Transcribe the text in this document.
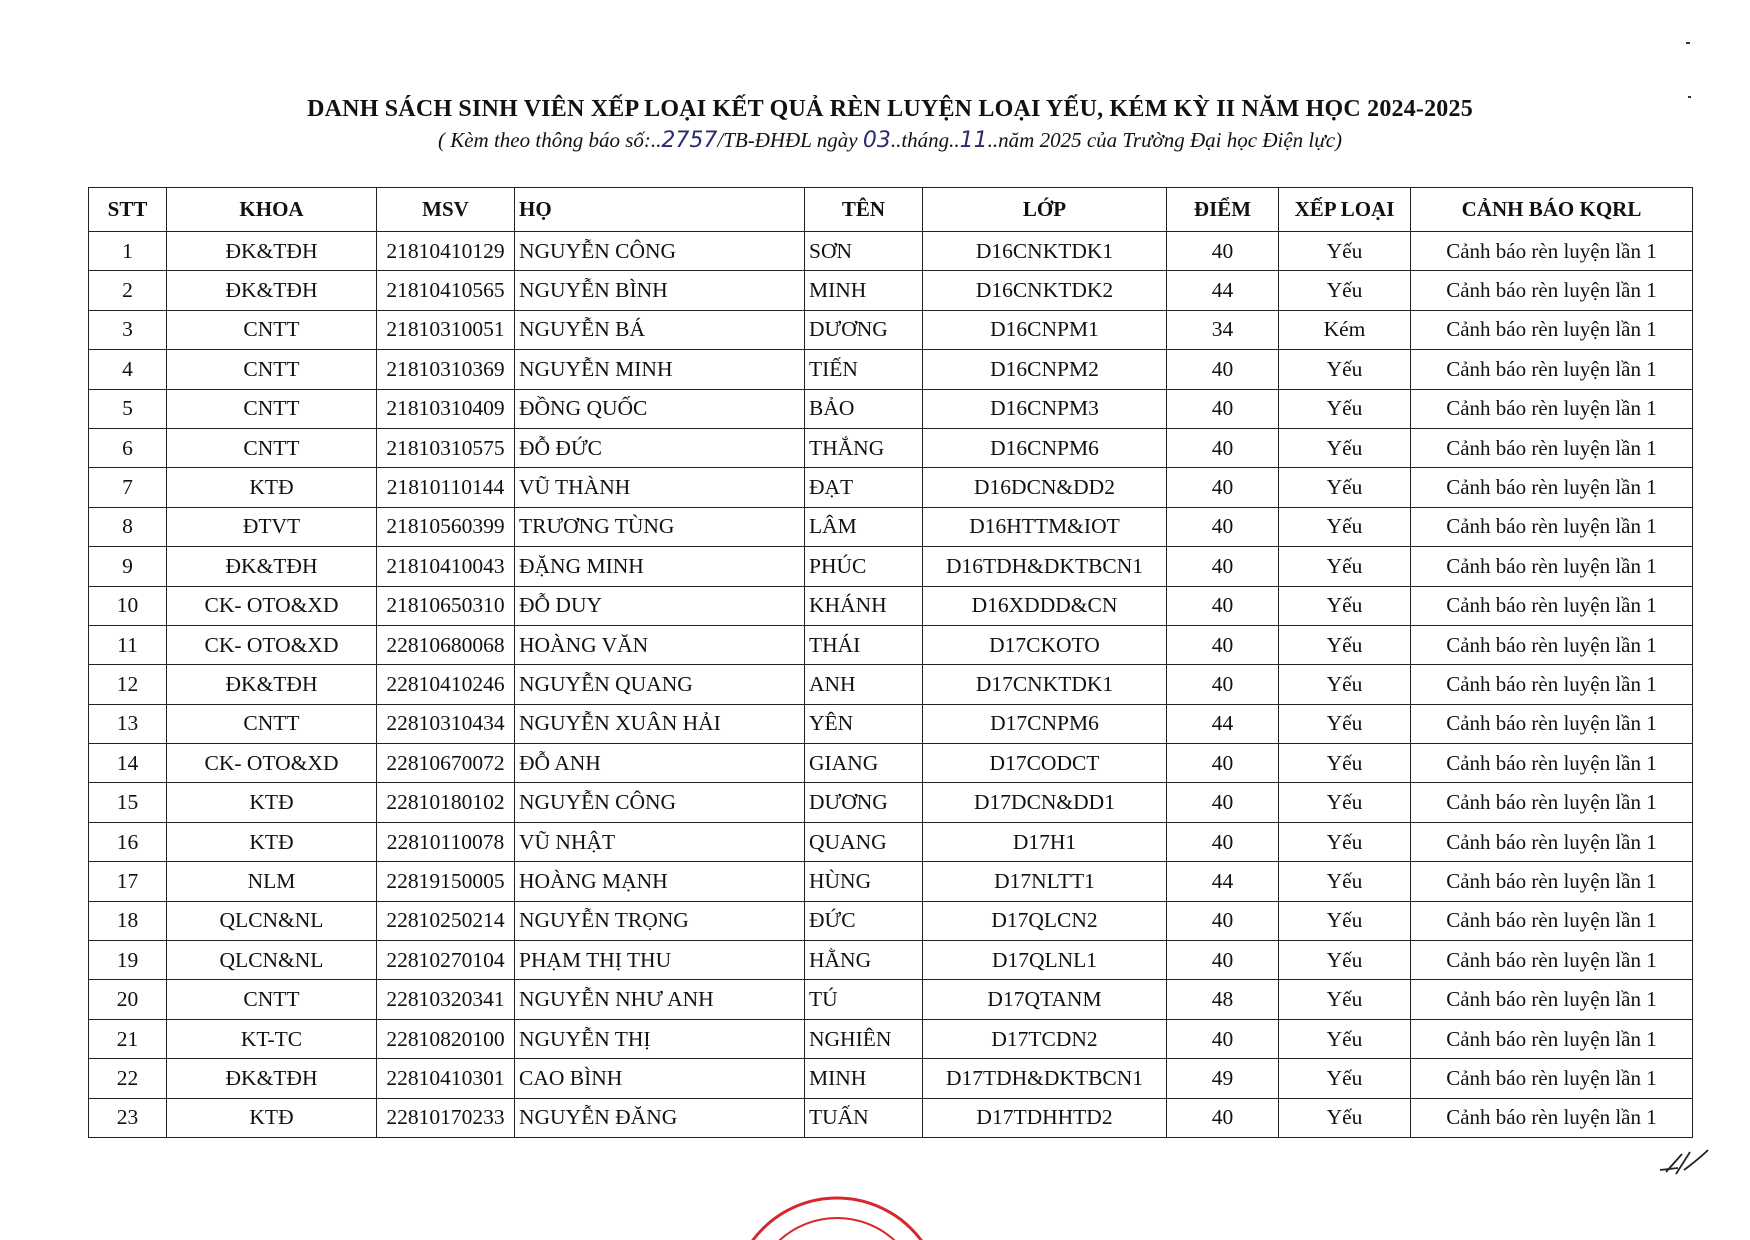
DANH SÁCH SINH VIÊN XẾP LOẠI KẾT QUẢ RÈN LUYỆN LOẠI YẾU, KÉM KỲ II NĂM HỌC 2024-2025
( Kèm theo thông báo số:..2757/TB-ĐHĐL ngày 03..tháng..11..năm 2025 của Trường Đại học Điện lực)
STT	KHOA	MSV	HỌ	TÊN	LỚP	ĐIỂM	XẾP LOẠI	CẢNH BÁO KQRL
1	ĐK&TĐH	21810410129	NGUYỄN CÔNG	SƠN	D16CNKTDK1	40	Yếu	Cảnh báo rèn luyện lần 1
2	ĐK&TĐH	21810410565	NGUYỄN BÌNH	MINH	D16CNKTDK2	44	Yếu	Cảnh báo rèn luyện lần 1
3	CNTT	21810310051	NGUYỄN BÁ	DƯƠNG	D16CNPM1	34	Kém	Cảnh báo rèn luyện lần 1
4	CNTT	21810310369	NGUYỄN MINH	TIẾN	D16CNPM2	40	Yếu	Cảnh báo rèn luyện lần 1
5	CNTT	21810310409	ĐỒNG QUỐC	BẢO	D16CNPM3	40	Yếu	Cảnh báo rèn luyện lần 1
6	CNTT	21810310575	ĐỖ ĐỨC	THẮNG	D16CNPM6	40	Yếu	Cảnh báo rèn luyện lần 1
7	KTĐ	21810110144	VŨ THÀNH	ĐẠT	D16DCN&DD2	40	Yếu	Cảnh báo rèn luyện lần 1
8	ĐTVT	21810560399	TRƯƠNG TÙNG	LÂM	D16HTTM&IOT	40	Yếu	Cảnh báo rèn luyện lần 1
9	ĐK&TĐH	21810410043	ĐẶNG MINH	PHÚC	D16TDH&DKTBCN1	40	Yếu	Cảnh báo rèn luyện lần 1
10	CK- OTO&XD	21810650310	ĐỖ DUY	KHÁNH	D16XDDD&CN	40	Yếu	Cảnh báo rèn luyện lần 1
11	CK- OTO&XD	22810680068	HOÀNG VĂN	THÁI	D17CKOTO	40	Yếu	Cảnh báo rèn luyện lần 1
12	ĐK&TĐH	22810410246	NGUYỄN QUANG	ANH	D17CNKTDK1	40	Yếu	Cảnh báo rèn luyện lần 1
13	CNTT	22810310434	NGUYỄN XUÂN HẢI	YÊN	D17CNPM6	44	Yếu	Cảnh báo rèn luyện lần 1
14	CK- OTO&XD	22810670072	ĐỖ ANH	GIANG	D17CODCT	40	Yếu	Cảnh báo rèn luyện lần 1
15	KTĐ	22810180102	NGUYỄN CÔNG	DƯƠNG	D17DCN&DD1	40	Yếu	Cảnh báo rèn luyện lần 1
16	KTĐ	22810110078	VŨ NHẬT	QUANG	D17H1	40	Yếu	Cảnh báo rèn luyện lần 1
17	NLM	22819150005	HOÀNG MẠNH	HÙNG	D17NLTT1	44	Yếu	Cảnh báo rèn luyện lần 1
18	QLCN&NL	22810250214	NGUYỄN TRỌNG	ĐỨC	D17QLCN2	40	Yếu	Cảnh báo rèn luyện lần 1
19	QLCN&NL	22810270104	PHẠM THỊ THU	HẰNG	D17QLNL1	40	Yếu	Cảnh báo rèn luyện lần 1
20	CNTT	22810320341	NGUYỄN NHƯ ANH	TÚ	D17QTANM	48	Yếu	Cảnh báo rèn luyện lần 1
21	KT-TC	22810820100	NGUYỄN THỊ	NGHIÊN	D17TCDN2	40	Yếu	Cảnh báo rèn luyện lần 1
22	ĐK&TĐH	22810410301	CAO BÌNH	MINH	D17TDH&DKTBCN1	49	Yếu	Cảnh báo rèn luyện lần 1
23	KTĐ	22810170233	NGUYỄN ĐĂNG	TUẤN	D17TDHHTD2	40	Yếu	Cảnh báo rèn luyện lần 1
